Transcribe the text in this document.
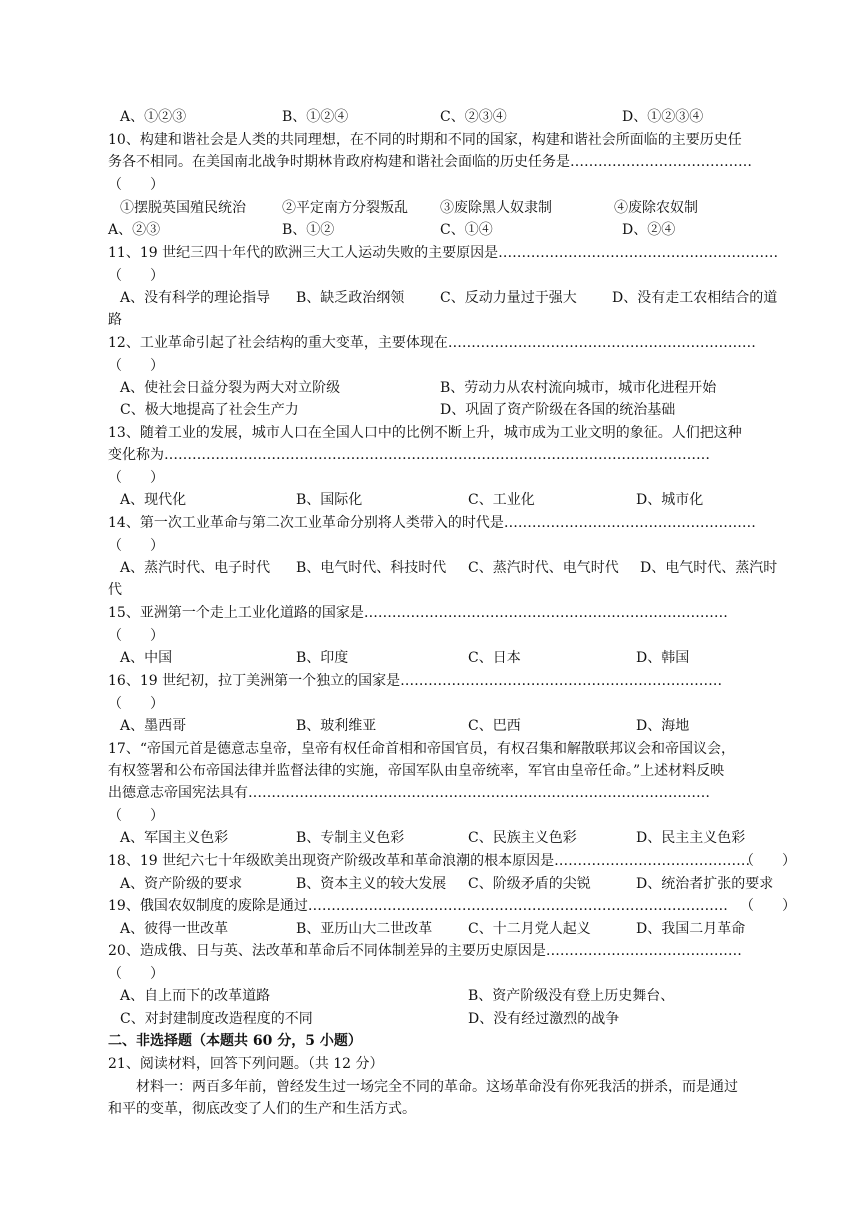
A、①②③	B、①②④	C、②③④	D、①②③④
10、构建和谐社会是人类的共同理想，在不同的时期和不同的国家，构建和谐社会所面临的主要历史任
务各不相同。在美国南北战争时期林肯政府构建和谐社会面临的历史任务是…………………………………
（　　）
①摆脱英国殖民统治	②平定南方分裂叛乱 ③废除黑人奴隶制	④废除农奴制
A、②③	B、①②	C、①④	D、②④
11、19 世纪三四十年代的欧洲三大工人运动失败的主要原因是……………………………………………………
（　　）
A、没有科学的理论指导 B、缺乏政治纲领	C、反动力量过于强大	D、没有走工农相结合的道
路
12、工业革命引起了社会结构的重大变革，主要体现在…………………………………………………………
（　　）
A、使社会日益分裂为两大对立阶级	B、劳动力从农村流向城市，城市化进程开始
C、极大地提高了社会生产力	D、巩固了资产阶级在各国的统治基础
13、随着工业的发展，城市人口在全国人口中的比例不断上升，城市成为工业文明的象征。人们把这种
变化称为………………………………………………………………………………………………………
（　　）
A、现代化	B、国际化	C、工业化	D、城市化
14、第一次工业革命与第二次工业革命分别将人类带入的时代是………………………………………………
（　　）
A、蒸汽时代、电子时代 B、电气时代、科技时代 C、蒸汽时代、电气时代 D、电气时代、蒸汽时
代
15、亚洲第一个走上工业化道路的国家是……………………………………………………………………
（　　）
A、中国	B、印度	C、日本	D、韩国
16、19 世纪初，拉丁美洲第一个独立的国家是……………………………………………………………
（　　）
A、墨西哥	B、玻利维亚	C、巴西	D、海地
17、“帝国元首是德意志皇帝，皇帝有权任命首相和帝国官员，有权召集和解散联邦议会和帝国议会，
有权签署和公布帝国法律并监督法律的实施，帝国军队由皇帝统率，军官由皇帝任命。”上述材料反映
出德意志帝国宪法具有………………………………………………………………………………………
（　　）
A、军国主义色彩	B、专制主义色彩	C、民族主义色彩	D、民主主义色彩
18、19 世纪六七十年级欧美出现资产阶级改革和革命浪潮的根本原因是……………………………………
（　　）
A、资产阶级的要求	B、资本主义的较大发展 C、阶级矛盾的尖锐	D、统治者扩张的要求
19、俄国农奴制度的废除是通过……………………………………………………………………………… （　　）
A、彼得一世改革	B、亚历山大二世改革	C、十二月党人起义	D、我国二月革命
20、造成俄、日与英、法改革和革命后不同体制差异的主要历史原因是……………………………………
（　　）
A、自上而下的改革道路	B、资产阶级没有登上历史舞台、
C、对封建制度改造程度的不同	D、没有经过激烈的战争
二、非选择题（本题共 60 分，5 小题）
21、阅读材料，回答下列问题。（共 12 分）
材料一：两百多年前，曾经发生过一场完全不同的革命。这场革命没有你死我活的拼杀，而是通过
和平的变革，彻底改变了人们的生产和生活方式。
